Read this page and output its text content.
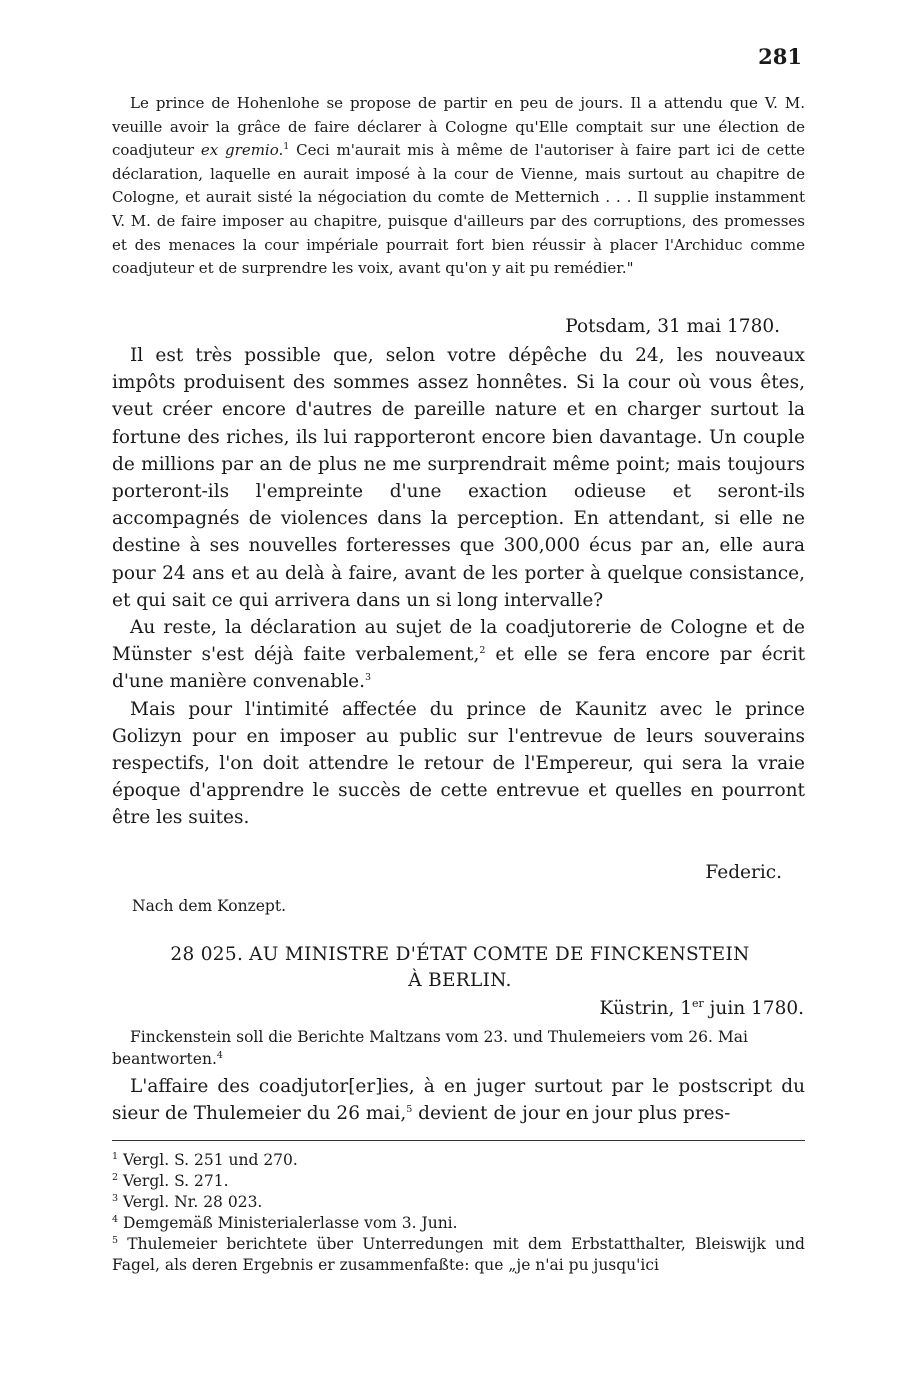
281

Le prince de Hohenlohe se propose de partir en peu de jours. Il a attendu que V. M. veuille avoir la grâce de faire déclarer à Cologne qu'Elle comptait sur une élection de coadjuteur ex gremio.$^1$ Ceci m'aurait mis à même de l'autoriser à faire part ici de cette déclaration, laquelle en aurait imposé à la cour de Vienne, mais surtout au chapitre de Cologne, et aurait sisté la négociation du comte de Metternich . . . Il supplie instamment V. M. de faire imposer au chapitre, puisque d'ailleurs par des corruptions, des promesses et des menaces la cour impériale pourrait fort bien réussir à placer l'Archiduc comme coadjuteur et de surprendre les voix, avant qu'on y ait pu remédier."

Potsdam, 31 mai 1780.

Il est très possible que, selon votre dépêche du 24, les nouveaux impôts produisent des sommes assez honnêtes. Si la cour où vous êtes, veut créer encore d'autres de pareille nature et en charger surtout la fortune des riches, ils lui rapporteront encore bien davantage. Un couple de millions par an de plus ne me surprendrait même point; mais toujours porteront-ils l'empreinte d'une exaction odieuse et seront-ils accompagnés de violences dans la perception. En attendant, si elle ne destine à ses nouvelles forteresses que 300,000 écus par an, elle aura pour 24 ans et au delà à faire, avant de les porter à quelque consistance, et qui sait ce qui arrivera dans un si long intervalle?

Au reste, la déclaration au sujet de la coadjutorerie de Cologne et de Münster s'est déjà faite verbalement,$^2$ et elle se fera encore par écrit d'une manière convenable.$^3$

Mais pour l'intimité affectée du prince de Kaunitz avec le prince Golizyn pour en imposer au public sur l'entrevue de leurs souverains respectifs, l'on doit attendre le retour de l'Empereur, qui sera la vraie époque d'apprendre le succès de cette entrevue et quelles en pourront être les suites.

Federic.
Nach dem Konzept.
28 025. AU MINISTRE D'ÉTAT COMTE DE FINCKENSTEIN
À BERLIN.
Küstrin, 1er juin 1780.

Finckenstein soll die Berichte Maltzans vom 23. und Thulemeiers vom 26. Mai beantworten.$^4$

L'affaire des coadjutor[er]ies, à en juger surtout par le postscript du sieur de Thulemeier du 26 mai,$^5$ devient de jour en jour plus pres-

$^1$ Vergl. S. 251 und 270.

$^2$ Vergl. S. 271.

$^3$ Vergl. Nr. 28 023.

$^4$ Demgemäß Ministerialerlasse vom 3. Juni.

$^5$ Thulemeier berichtete über Unterredungen mit dem Erbstatthalter, Bleiswijk und Fagel, als deren Ergebnis er zusammenfaßte: que „je n'ai pu jusqu'ici
